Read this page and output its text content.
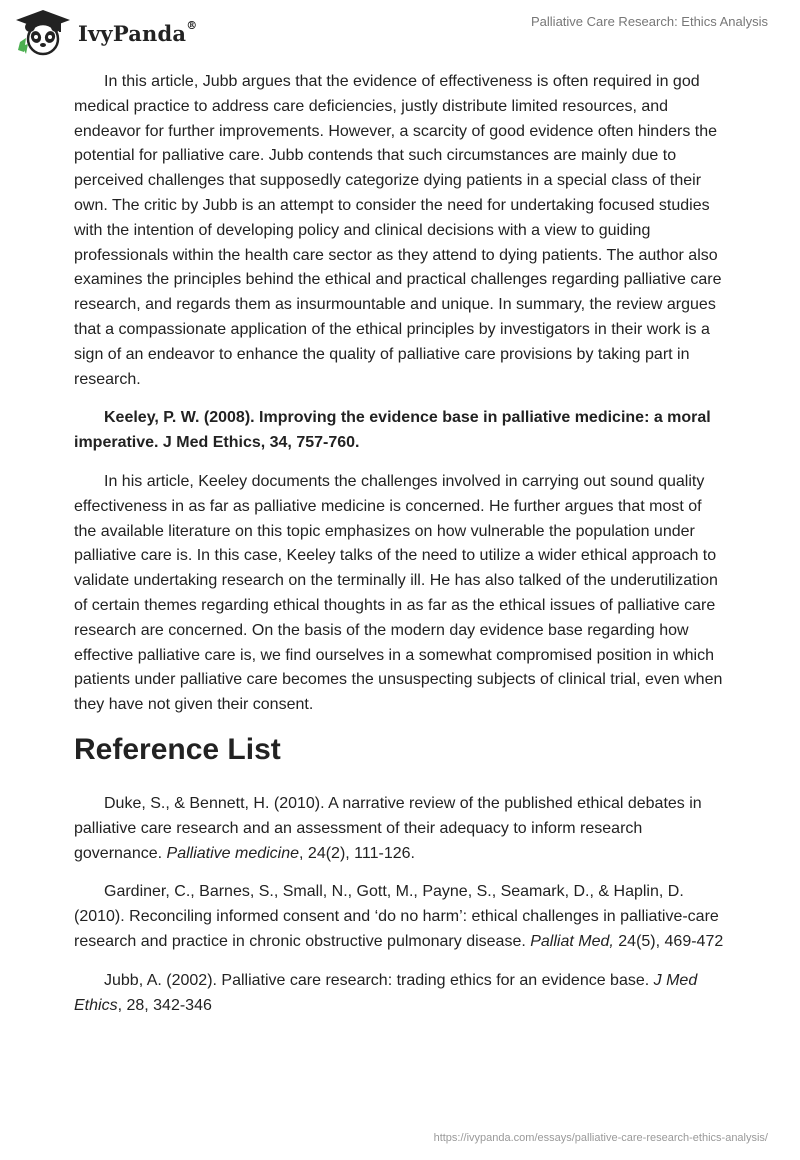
IvyPanda®	Palliative Care Research: Ethics Analysis

In this article, Jubb argues that the evidence of effectiveness is often required in god medical practice to address care deficiencies, justly distribute limited resources, and endeavor for further improvements. However, a scarcity of good evidence often hinders the potential for palliative care. Jubb contends that such circumstances are mainly due to perceived challenges that supposedly categorize dying patients in a special class of their own. The critic by Jubb is an attempt to consider the need for undertaking focused studies with the intention of developing policy and clinical decisions with a view to guiding professionals within the health care sector as they attend to dying patients. The author also examines the principles behind the ethical and practical challenges regarding palliative care research, and regards them as insurmountable and unique. In summary, the review argues that a compassionate application of the ethical principles by investigators in their work is a sign of an endeavor to enhance the quality of palliative care provisions by taking part in research.

Keeley, P. W. (2008). Improving the evidence base in palliative medicine: a moral imperative. J Med Ethics, 34, 757-760.

In his article, Keeley documents the challenges involved in carrying out sound quality effectiveness in as far as palliative medicine is concerned. He further argues that most of the available literature on this topic emphasizes on how vulnerable the population under palliative care is. In this case, Keeley talks of the need to utilize a wider ethical approach to validate undertaking research on the terminally ill. He has also talked of the underutilization of certain themes regarding ethical thoughts in as far as the ethical issues of palliative care research are concerned. On the basis of the modern day evidence base regarding how effective palliative care is, we find ourselves in a somewhat compromised position in which patients under palliative care becomes the unsuspecting subjects of clinical trial, even when they have not given their consent.

Reference List

Duke, S., & Bennett, H. (2010). A narrative review of the published ethical debates in palliative care research and an assessment of their adequacy to inform research governance. Palliative medicine, 24(2), 111-126.

Gardiner, C., Barnes, S., Small, N., Gott, M., Payne, S., Seamark, D., & Haplin, D. (2010). Reconciling informed consent and ‘do no harm’: ethical challenges in palliative-care research and practice in chronic obstructive pulmonary disease. Palliat Med, 24(5), 469-472

Jubb, A. (2002). Palliative care research: trading ethics for an evidence base. J Med Ethics, 28, 342-346

https://ivypanda.com/essays/palliative-care-research-ethics-analysis/
